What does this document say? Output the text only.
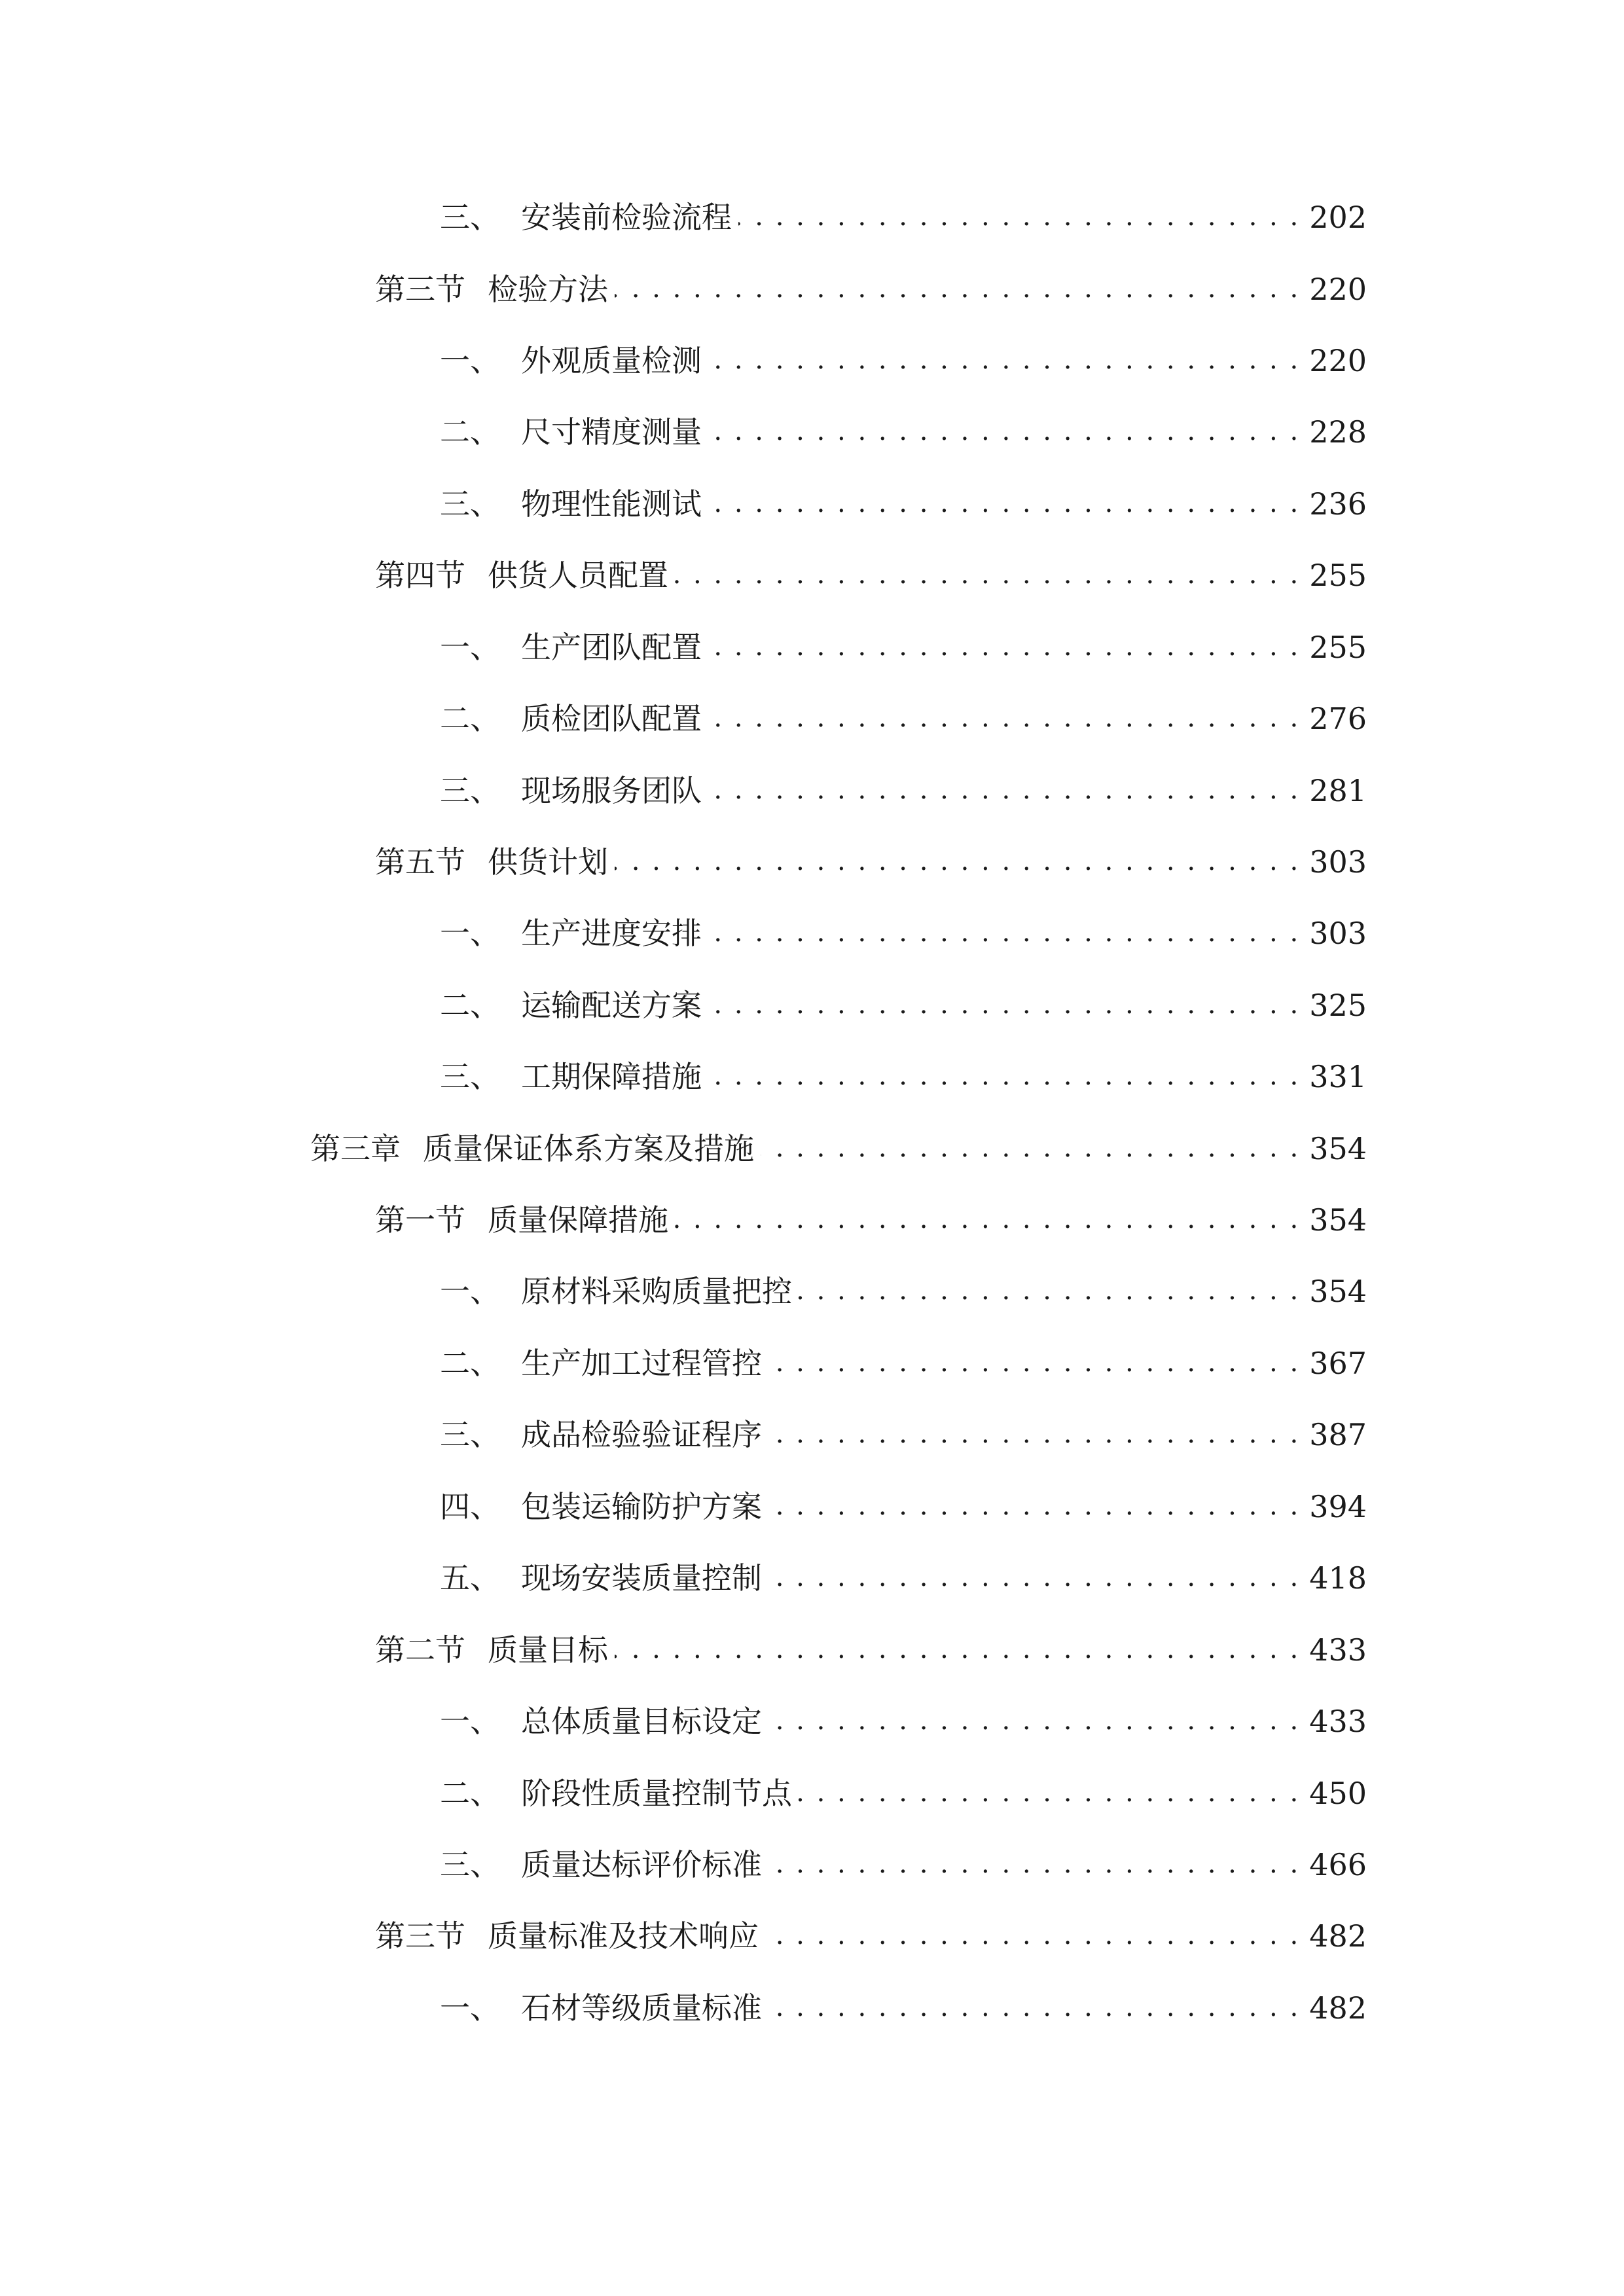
三、 安装前检验流程 . . .	202
第三节 检验方法 . . .	220
一、 外观质量检测 . . .	220
二、 尺寸精度测量 . . .	228
三、 物理性能测试 . . .	236
第四节 供货人员配置 . . .	255
一、 生产团队配置 . . .	255
二、 质检团队配置 . . .	276
三、 现场服务团队 . . .	281
第五节 供货计划 . . .	303
一、 生产进度安排 . . .	303
二、 运输配送方案 . . .	325
三、 工期保障措施 . . .	331
第三章 质量保证体系方案及措施 . . .	354
第一节 质量保障措施 . . .	354
一、 原材料采购质量把控 . . .	354
二、 生产加工过程管控 . . .	367
三、 成品检验验证程序 . . .	387
四、 包装运输防护方案 . . .	394
五、 现场安装质量控制 . . .	418
第二节 质量目标 . . .	433
一、 总体质量目标设定 . . .	433
二、 阶段性质量控制节点 . . .	450
三、 质量达标评价标准 . . .	466
第三节 质量标准及技术响应 . . .	482
一、 石材等级质量标准 . . .	482
